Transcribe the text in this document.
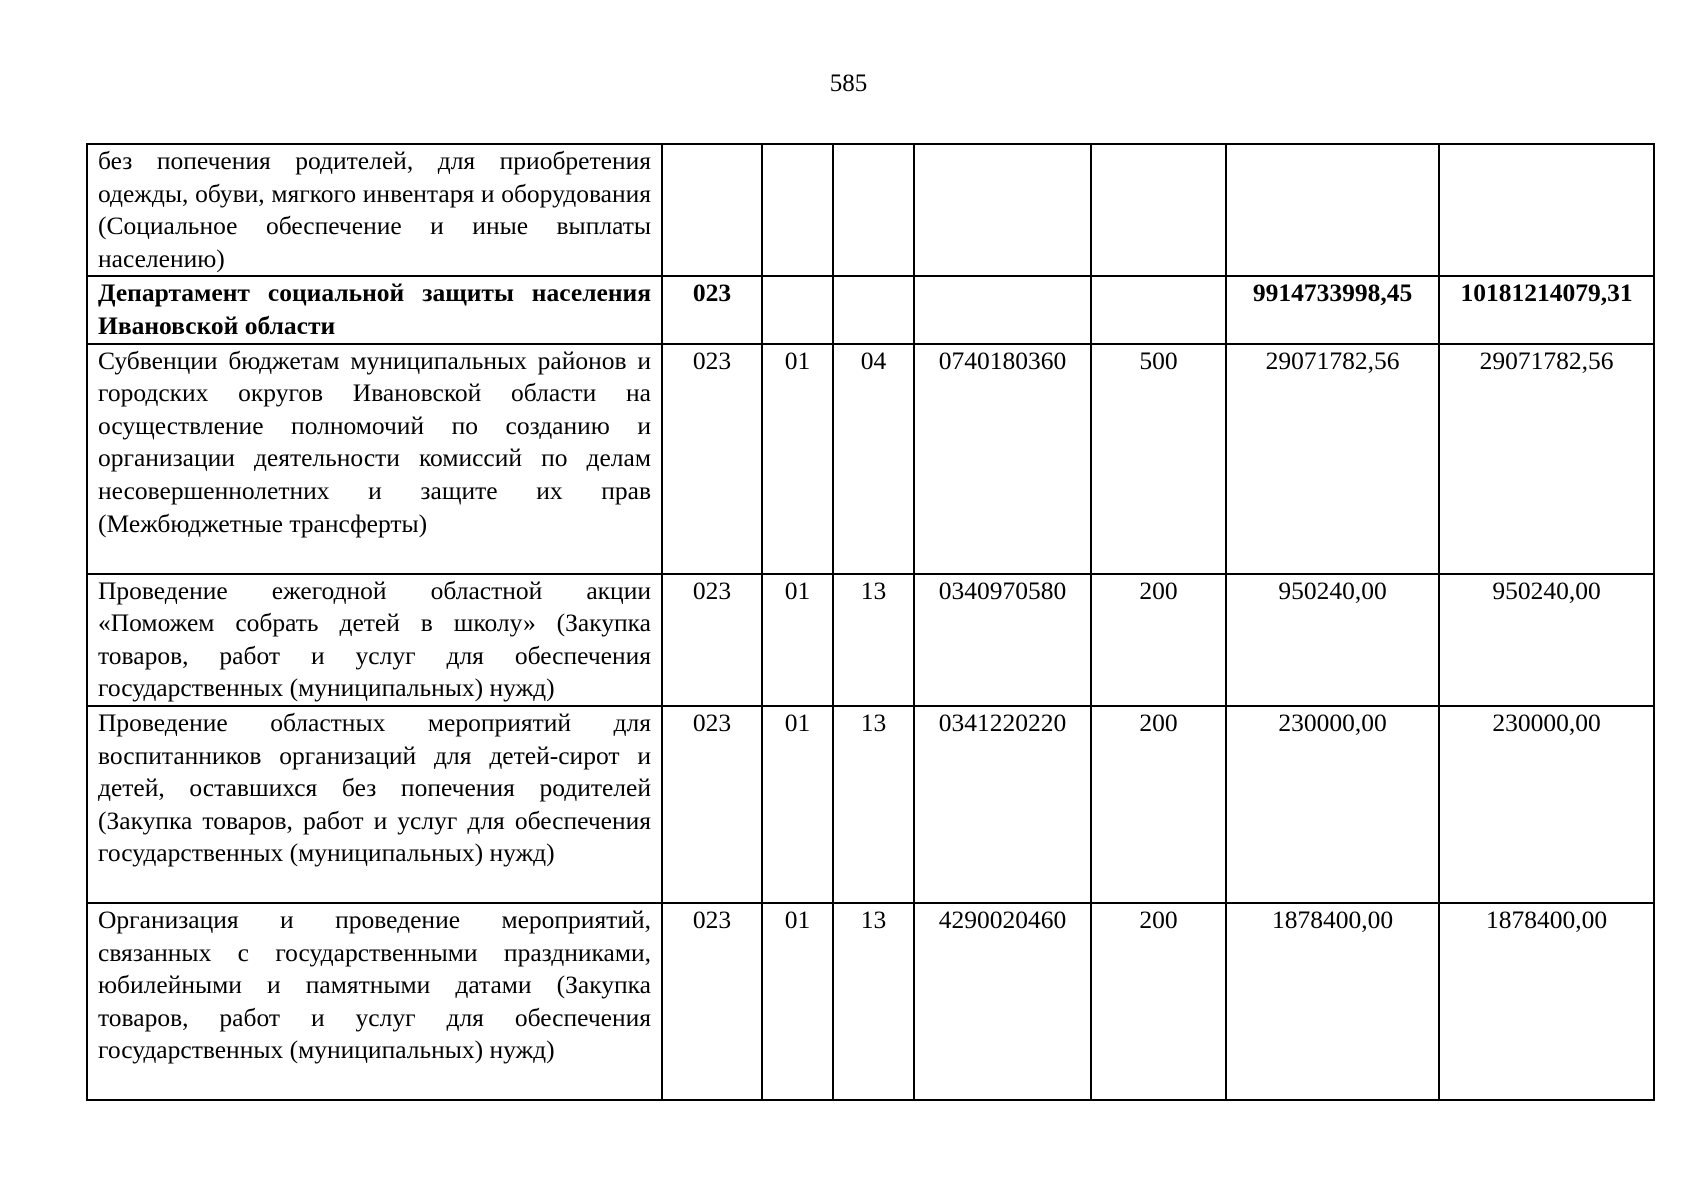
585
без попечения родителей, для приобретения одежды, обуви, мягкого инвентаря и оборудования (Социальное обеспечение и иные выплаты населению)							
Департамент социальной защиты населения Ивановской области	023					9914733998,45	10181214079,31
Субвенции бюджетам муниципальных районов и городских округов Ивановской области на осуществление полномочий по созданию и организации деятельности комиссий по делам несовершеннолетних и защите их прав (Межбюджетные трансферты)	023	01	04	0740180360	500	29071782,56	29071782,56
Проведение ежегодной областной акции «Поможем собрать детей в школу» (Закупка товаров, работ и услуг для обеспечения государственных (муниципальных) нужд)	023	01	13	0340970580	200	950240,00	950240,00
Проведение областных мероприятий для воспитанников организаций для детей-сирот и детей, оставшихся без попечения родителей (Закупка товаров, работ и услуг для обеспечения государственных (муниципальных) нужд)	023	01	13	0341220220	200	230000,00	230000,00
Организация и проведение мероприятий, связанных с государственными праздниками, юбилейными и памятными датами (Закупка товаров, работ и услуг для обеспечения государственных (муниципальных) нужд)	023	01	13	4290020460	200	1878400,00	1878400,00
